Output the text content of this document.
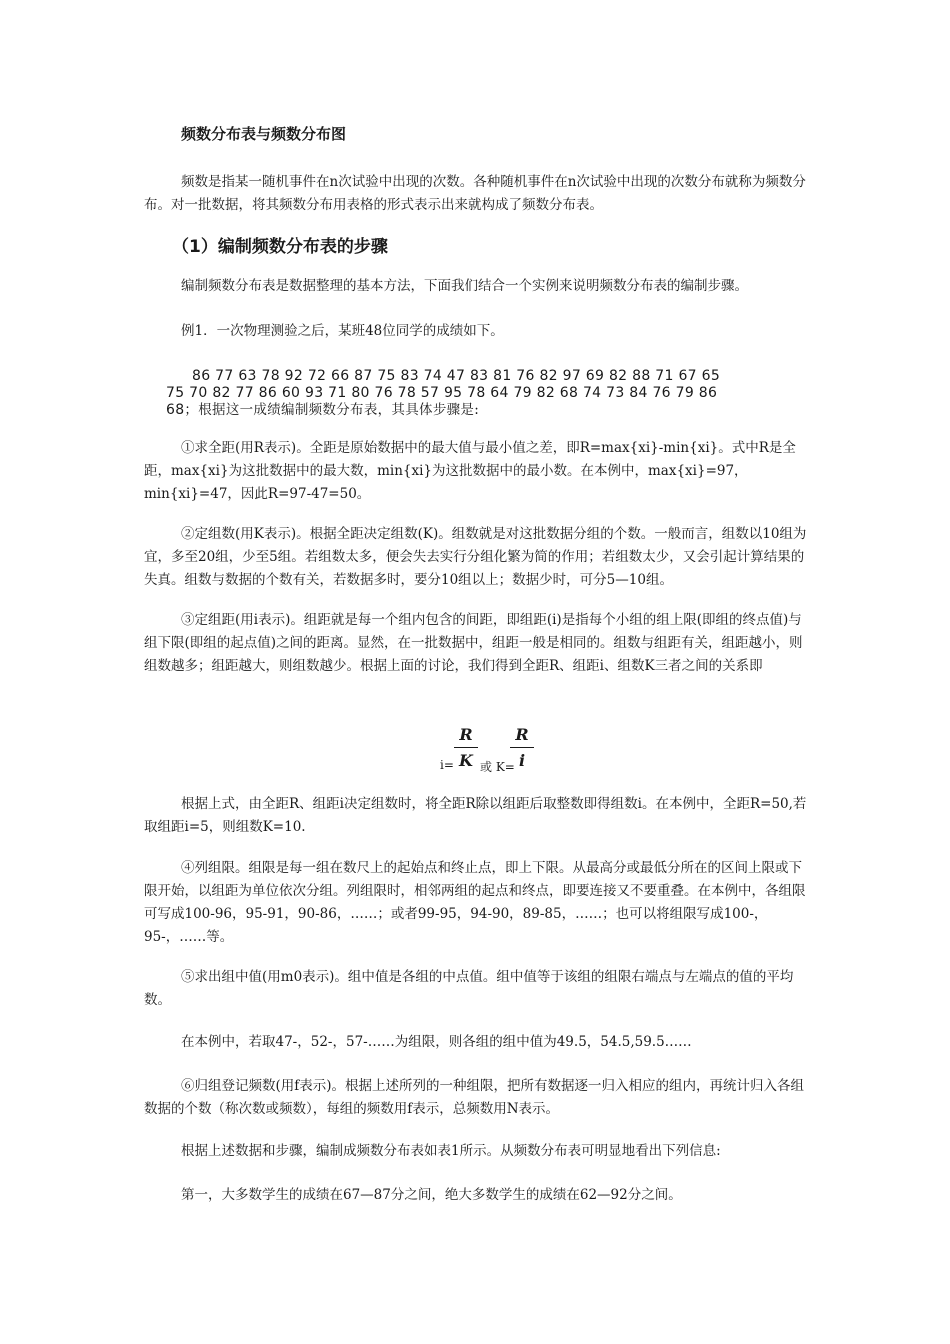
频数分布表与频数分布图

频数是指某一随机事件在n次试验中出现的次数。各种随机事件在n次试验中出现的次数分布就称为频数分布。对一批数据，将其频数分布用表格的形式表示出来就构成了频数分布表。

（1）编制频数分布表的步骤

编制频数分布表是数据整理的基本方法，下面我们结合一个实例来说明频数分布表的编制步骤。

例1．一次物理测验之后，某班48位同学的成绩如下。

86 77 63 78 92 72 66 87 75 83 74 47 83 81 76 82 97 69 82 88 71 67 65
75 70 82 77 86 60 93 71 80 76 78 57 95 78 64 79 82 68 74 73 84 76 79 86
68；根据这一成绩编制频数分布表，其具体步骤是:

①求全距(用R表示)。全距是原始数据中的最大值与最小值之差，即R=max{xi}-min{xi}。式中R是全距，max{xi}为这批数据中的最大数，min{xi}为这批数据中的最小数。在本例中，max{xi}=97，min{xi}=47，因此R=97-47=50。

②定组数(用K表示)。根据全距决定组数(K)。组数就是对这批数据分组的个数。一般而言，组数以10组为宜，多至20组，少至5组。若组数太多，便会失去实行分组化繁为简的作用；若组数太少，又会引起计算结果的失真。组数与数据的个数有关，若数据多时，要分10组以上；数据少时，可分5—10组。

③定组距(用i表示)。组距就是每一个组内包含的间距，即组距(i)是指每个小组的组上限(即组的终点值)与组下限(即组的起点值)之间的距离。显然，在一批数据中，组距一般是相同的。组数与组距有关，组距越小，则组数越多；组距越大，则组数越少。根据上面的讨论，我们得到全距R、组距i、组数K三者之间的关系即

i=
R
K 或 K=
R
i

根据上式，由全距R、组距i决定组数时，将全距R除以组距后取整数即得组数i。在本例中，全距R=50,若取组距i=5，则组数K=10.

④列组限。组限是每一组在数尺上的起始点和终止点，即上下限。从最高分或最低分所在的区间上限或下限开始，以组距为单位依次分组。列组限时，相邻两组的起点和终点，即要连接又不要重叠。在本例中，各组限可写成100-96，95-91，90-86，……；或者99-95，94-90，89-85，……；也可以将组限写成100-，95-，……等。

⑤求出组中值(用m0表示)。组中值是各组的中点值。组中值等于该组的组限右端点与左端点的值的平均数。

在本例中，若取47-，52-，57-……为组限，则各组的组中值为49.5，54.5,59.5……

⑥归组登记频数(用f表示)。根据上述所列的一种组限，把所有数据逐一归入相应的组内，再统计归入各组数据的个数（称次数或频数），每组的频数用f表示，总频数用N表示。

根据上述数据和步骤，编制成频数分布表如表1所示。从频数分布表可明显地看出下列信息:

第一，大多数学生的成绩在67—87分之间，绝大多数学生的成绩在62—92分之间。
